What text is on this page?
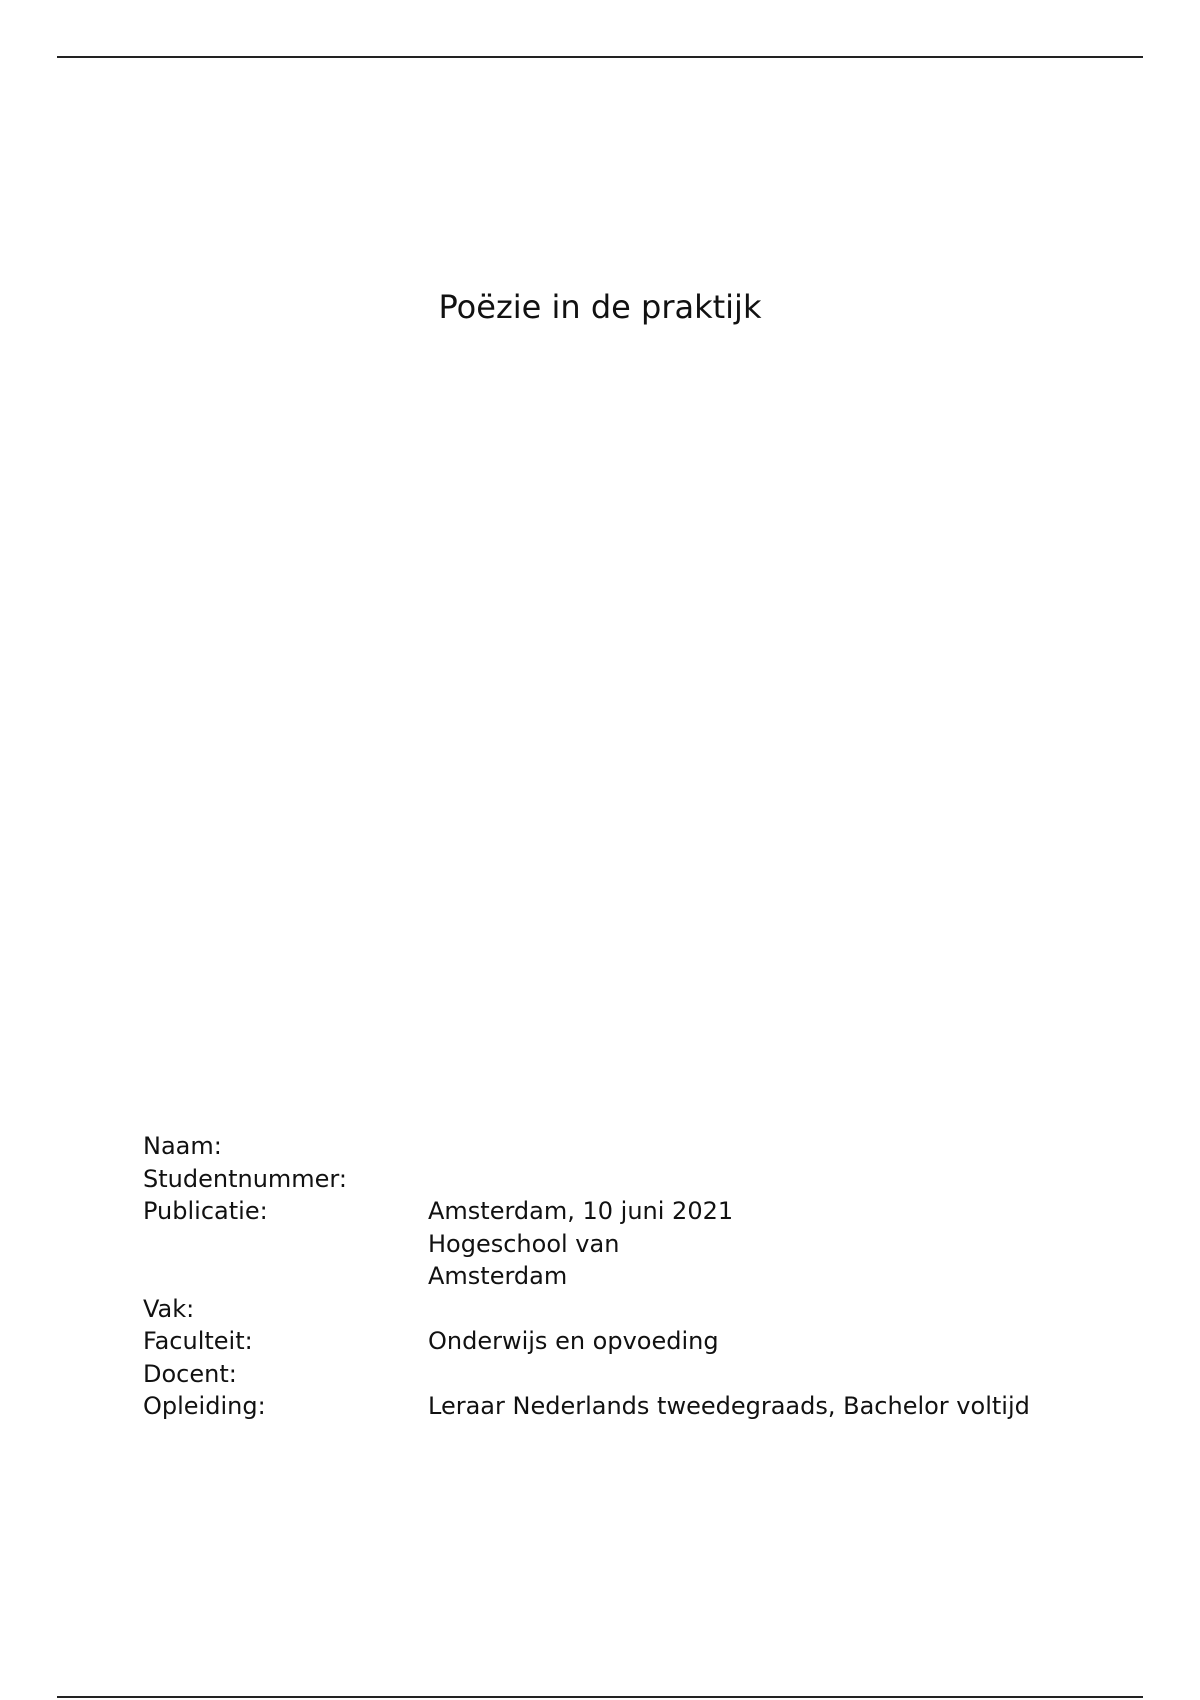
Poëzie in de praktijk
Naam:
Studentnummer:
Publicatie:	Amsterdam, 10 juni 2021
Hogeschool van
Amsterdam
Vak:
Faculteit:	Onderwijs en opvoeding
Docent:
Opleiding:	Leraar Nederlands tweedegraads, Bachelor voltijd
